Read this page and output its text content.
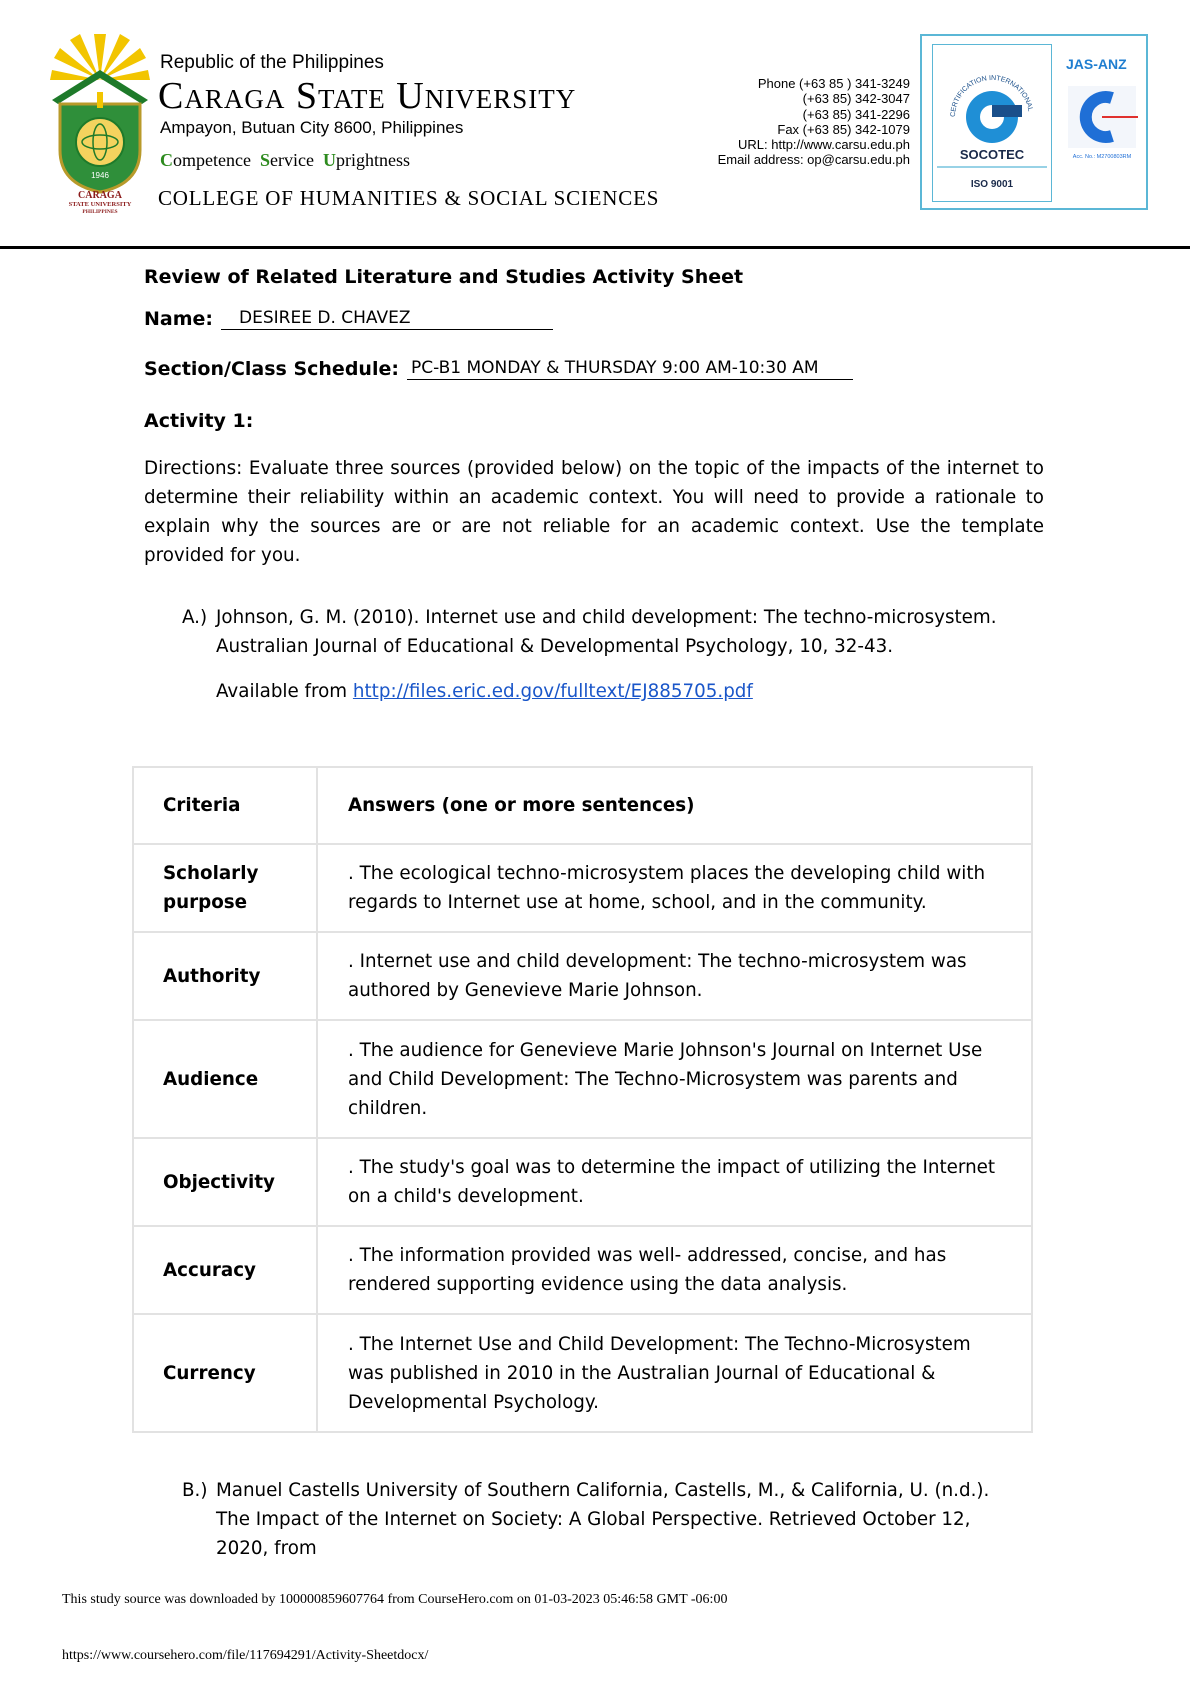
1946
CARAGA
STATE UNIVERSITY
PHILIPPINES
Republic of the Philippines
Caraga State University
Ampayon, Butuan City 8600, Philippines
Competence Service Uprightness
COLLEGE OF HUMANITIES & SOCIAL SCIENCES
Phone (+63 85 ) 341-3249
(+63 85) 342-3047
(+63 85) 341-2296
Fax (+63 85) 342-1079
URL: http://www.carsu.edu.ph
Email address: op@carsu.edu.ph
CERTIFICATION INTERNATIONAL
SOCOTEC
ISO 9001
JAS-ANZ
Acc. No.: M2700803RM
Review of Related Literature and Studies Activity Sheet
Name:	DESIREE D. CHAVEZ
Section/Class Schedule: PC-B1 MONDAY & THURSDAY 9:00 AM-10:30 AM
Activity 1:
Directions: Evaluate three sources (provided below) on the topic of the impacts of the internet to determine their reliability within an academic context. You will need to provide a rationale to explain why the sources are or are not reliable for an academic context. Use the template provided for you.
A.) Johnson, G. M. (2010). Internet use and child development: The techno-microsystem. Australian Journal of Educational & Developmental Psychology, 10, 32-43.
Available from http://files.eric.ed.gov/fulltext/EJ885705.pdf
Criteria	Answers (one or more sentences)
Scholarly purpose	. The ecological techno-microsystem places the developing child with regards to Internet use at home, school, and in the community.
Authority	. Internet use and child development: The techno-microsystem was authored by Genevieve Marie Johnson.
Audience	. The audience for Genevieve Marie Johnson's Journal on Internet Use and Child Development: The Techno-Microsystem was parents and children.
Objectivity	. The study's goal was to determine the impact of utilizing the Internet on a child's development.
Accuracy	. The information provided was well- addressed, concise, and has rendered supporting evidence using the data analysis.
Currency	. The Internet Use and Child Development: The Techno-Microsystem was published in 2010 in the Australian Journal of Educational & Developmental Psychology.
B.) Manuel Castells University of Southern California, Castells, M., & California, U. (n.d.). The Impact of the Internet on Society: A Global Perspective. Retrieved October 12, 2020, from
This study source was downloaded by 100000859607764 from CourseHero.com on 01-03-2023 05:46:58 GMT -06:00
https://www.coursehero.com/file/117694291/Activity-Sheetdocx/
